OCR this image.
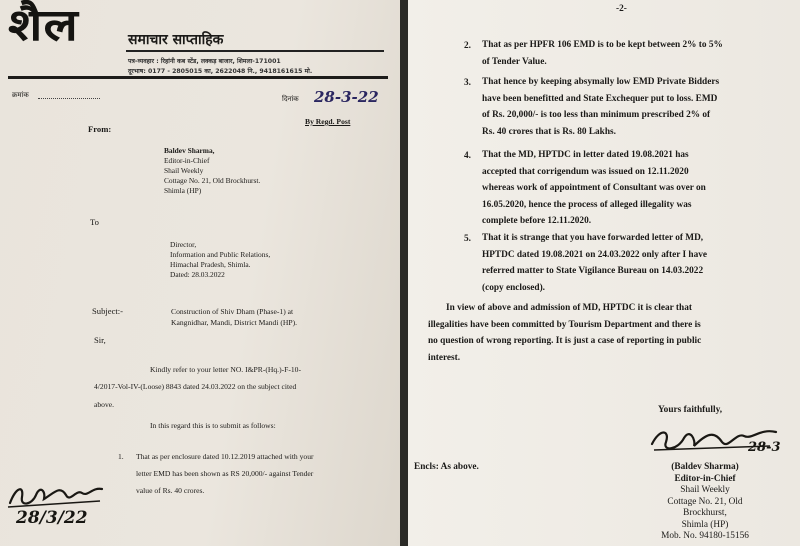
शैल	समाचार साप्ताहिक
पत्र-व्यवहार : रिहांनी कब स्टेंड, लक्कड़ बाजार, शिमला-171001
दूरभाष: 0177 - 2805015 का, 2622048 नि., 9418161615 मो.
क्रमांक	दिनांक 28-3-22
By Regd. Post
From:
Baldev Sharma,
Editor-in-Chief
Shail Weekly
Cottage No. 21, Old Brockhurst.
Shimla (HP)
To
Director,
Information and Public Relations,
Himachal Pradesh, Shimla.
Dated: 28.03.2022
Subject:-	Construction of Shiv Dham (Phase-1) at
Kangnidhar, Mandi, District Mandi (HP).
Sir,
Kindly refer to your letter NO. I&PR-(Hq.)-F-10-
4/2017-Vol-IV-(Loose) 8843 dated 24.03.2022 on the subject cited
above.
In this regard this is to submit as follows:
1. That as per enclosure dated 10.12.2019 attached with your
letter EMD has been shown as RS 20,000/- against Tender
value of Rs. 40 crores.
28/3/22
-2-
2. That as per HPFR 106 EMD is to be kept between 2% to 5%
of Tender Value.
3. That hence by keeping absymally low EMD Private Bidders
have been benefitted and State Exchequer put to loss. EMD
of Rs. 20,000/- is too less than minimum prescribed 2% of
Rs. 40 crores that is Rs. 80 Lakhs.
4. That the MD, HPTDC in letter dated 19.08.2021 has
accepted that corrigendum was issued on 12.11.2020
whereas work of appointment of Consultant was over on
16.05.2020, hence the process of alleged illegality was
complete before 12.11.2020.
5. That it is strange that you have forwarded letter of MD,
HPTDC dated 19.08.2021 on 24.03.2022 only after I have
referred matter to State Vigilance Bureau on 14.03.2022
(copy enclosed).
In view of above and admission of MD, HPTDC it is clear that
illegalities have been committed by Tourism Department and there is
no question of wrong reporting. It is just a case of reporting in public
interest.
Yours faithfully,
28-3
Encls: As above.	(Baldev Sharma)
Editor-in-Chief
Shail Weekly
Cottage No. 21, Old
Brockhurst,
Shimla (HP)
Mob. No. 94180-15156
